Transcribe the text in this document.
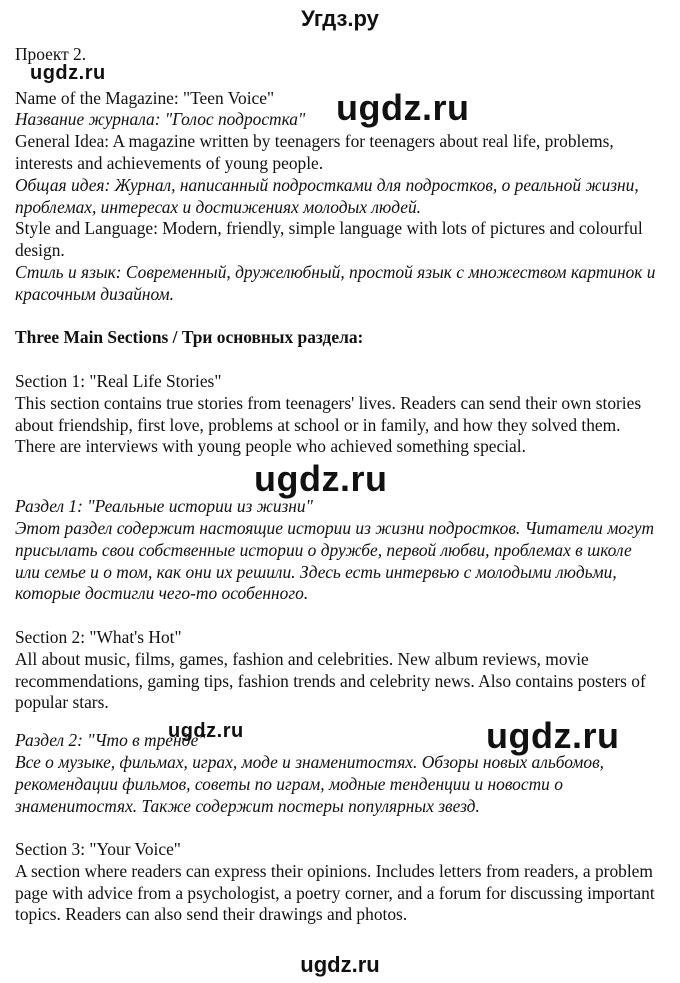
Угдз.ру

Проект 2.

Name of the Magazine: "Teen Voice"

Название журнала: "Голос подростка"

General Idea: A magazine written by teenagers for teenagers about real life, problems, interests and achievements of young people.

Общая идея: Журнал, написанный подростками для подростков, о реальной жизни, проблемах, интересах и достижениях молодых людей.

Style and Language: Modern, friendly, simple language with lots of pictures and colourful design.

Стиль и язык: Современный, дружелюбный, простой язык с множеством картинок и красочным дизайном.

Three Main Sections / Три основных раздела:

Section 1: "Real Life Stories"

This section contains true stories from teenagers' lives. Readers can send their own stories about friendship, first love, problems at school or in family, and how they solved them. There are interviews with young people who achieved something special.

Раздел 1: "Реальные истории из жизни"

Этот раздел содержит настоящие истории из жизни подростков. Читатели могут присылать свои собственные истории о дружбе, первой любви, проблемах в школе или семье и о том, как они их решили. Здесь есть интервью с молодыми людьми, которые достигли чего-то особенного.

Section 2: "What's Hot"

All about music, films, games, fashion and celebrities. New album reviews, movie recommendations, gaming tips, fashion trends and celebrity news. Also contains posters of popular stars.

Раздел 2: "Что в тренде"

Все о музыке, фильмах, играх, моде и знаменитостях. Обзоры новых альбомов, рекомендации фильмов, советы по играм, модные тенденции и новости о знаменитостях. Также содержит постеры популярных звезд.

Section 3: "Your Voice"

A section where readers can express their opinions. Includes letters from readers, a problem page with advice from a psychologist, a poetry corner, and a forum for discussing important topics. Readers can also send their drawings and photos.

ugdz.ru
ugdz.ru
ugdz.ru
ugdz.ru	ugdz.ru
ugdz.ru
